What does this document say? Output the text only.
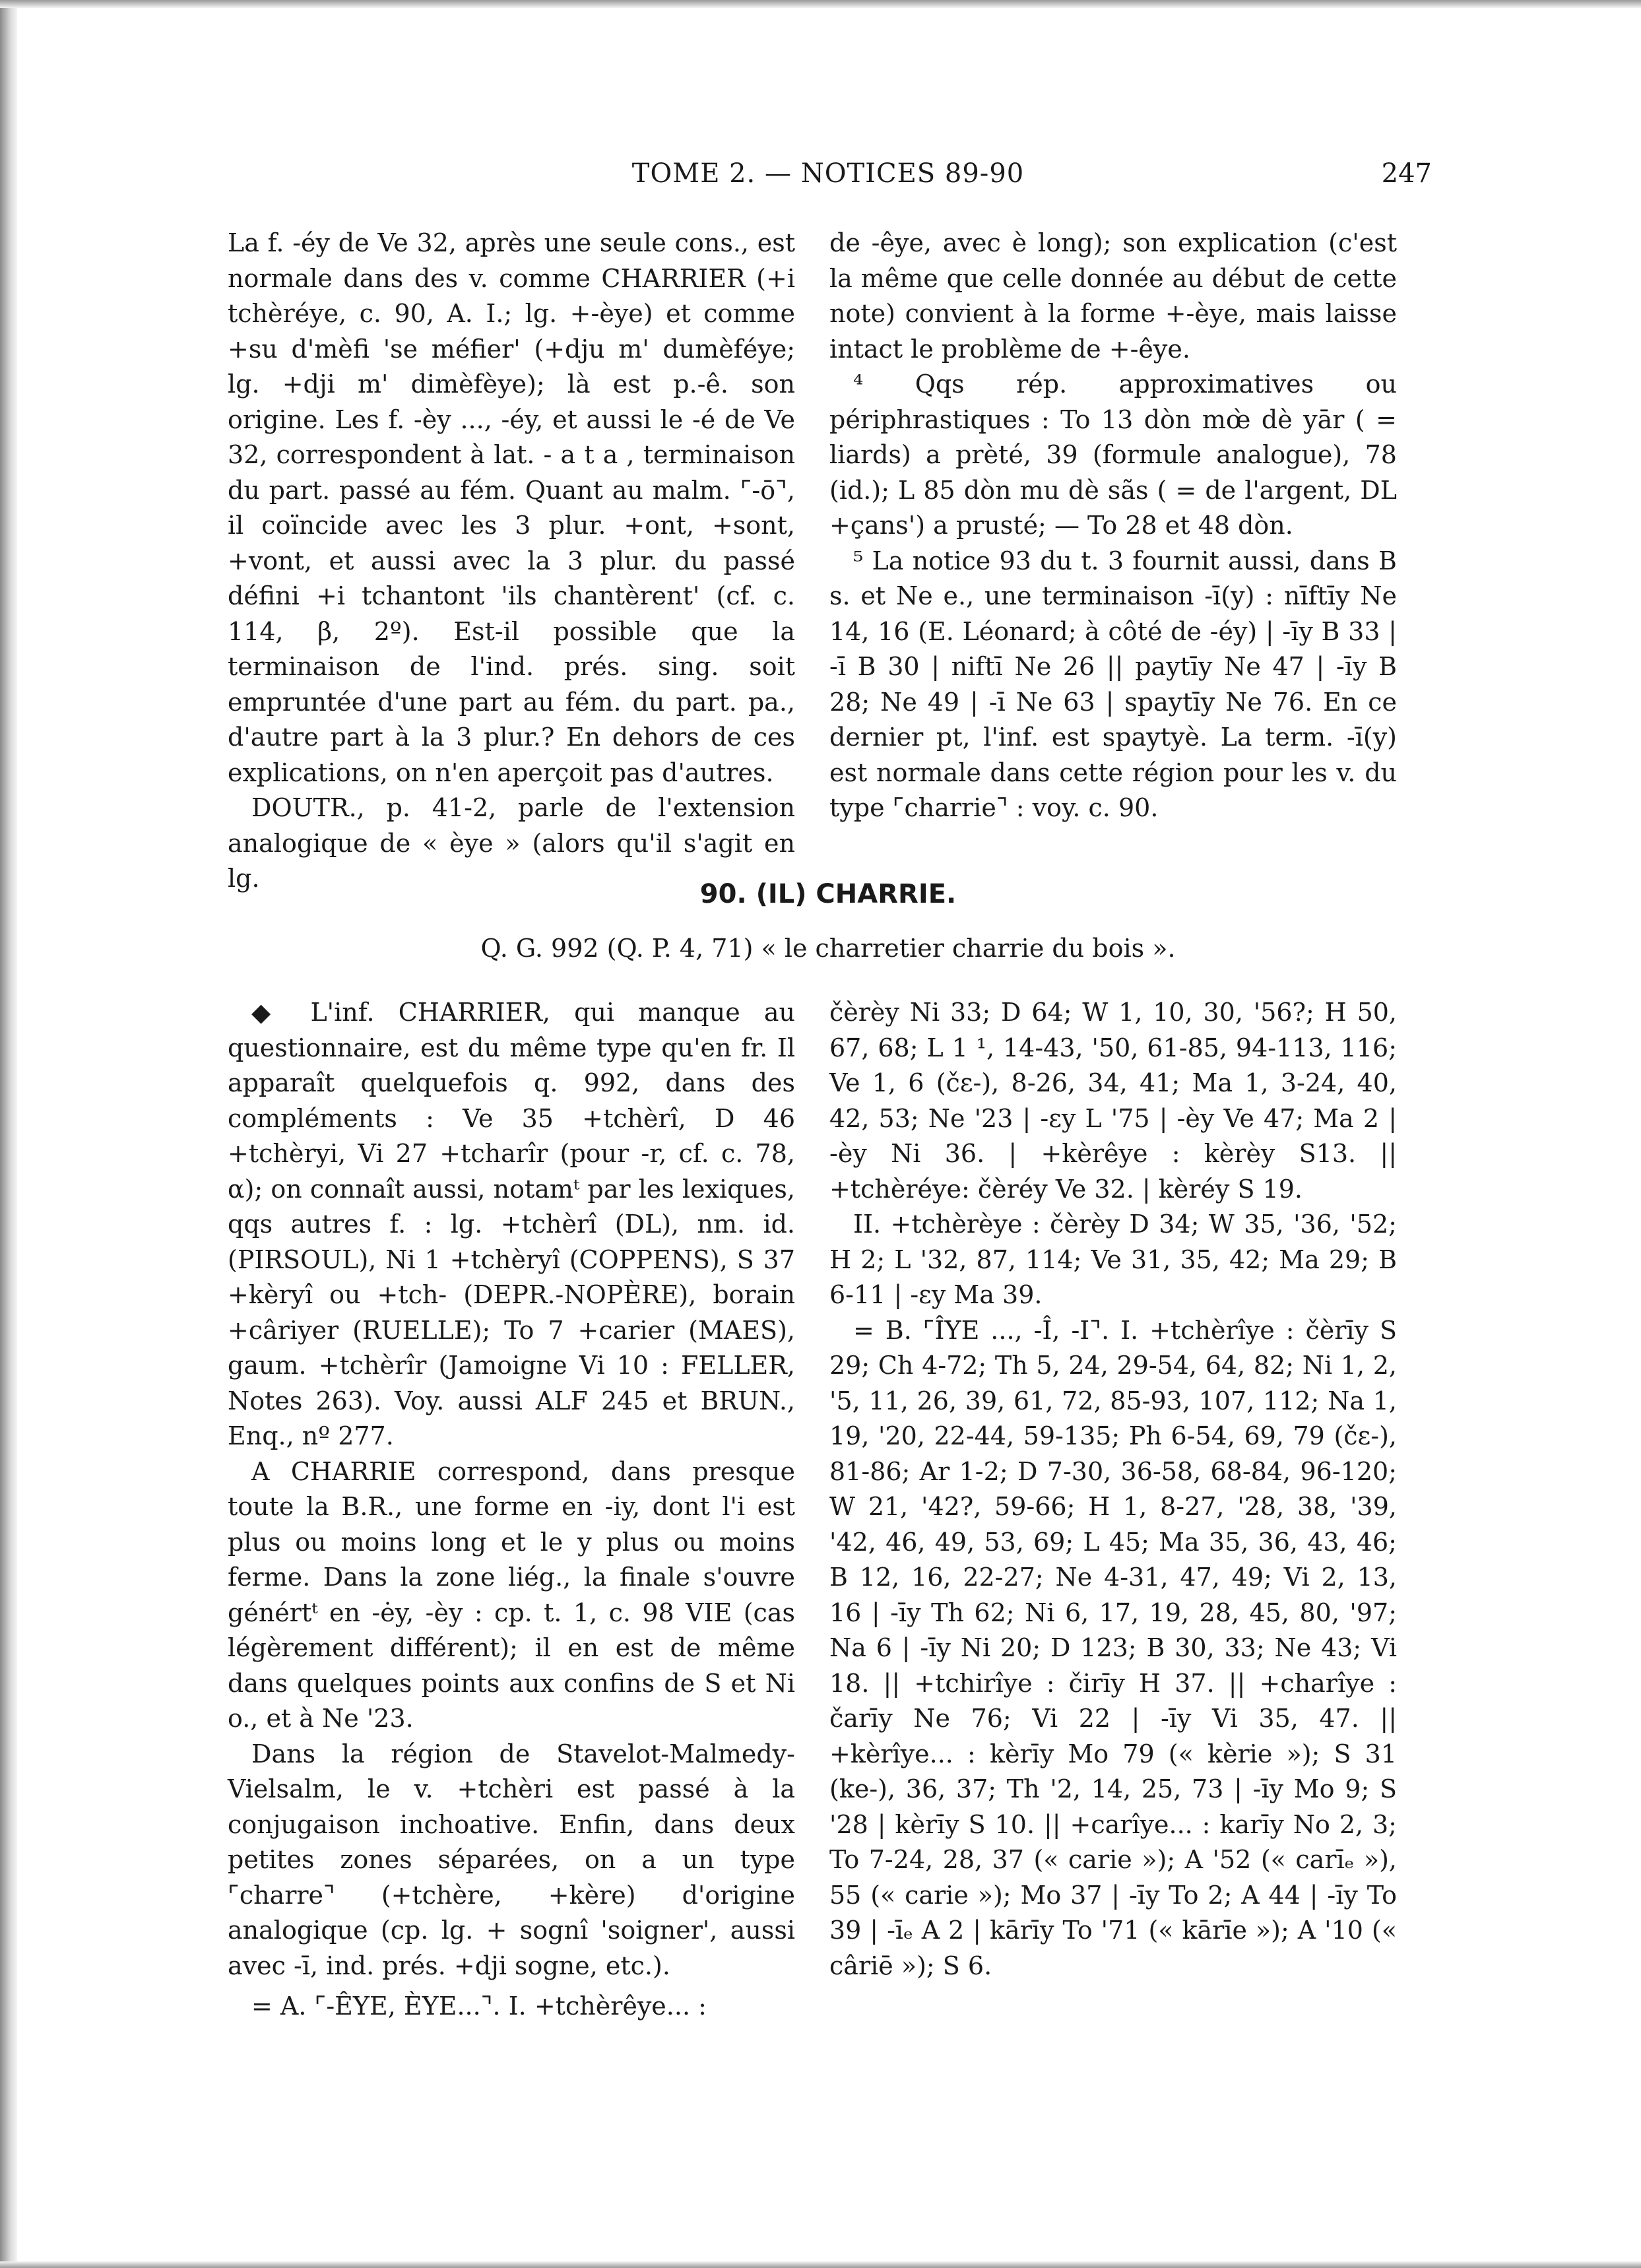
TOME 2. — NOTICES 89-90	247

La f. -éy de Ve 32, après une seule cons., est normale dans des v. comme CHARRIER (+i tchèréye, c. 90, A. I.; lg. +-èye) et comme +su d'mèfi 'se méfier' (+dju m' dumèféye; lg. +dji m' dimèfèye); là est p.-ê. son origine. Les f. -èy ..., -éy, et aussi le -é de Ve 32, correspondent à lat. - a t a , terminaison du part. passé au fém. Quant au malm. ⌜-ō⌝, il coïncide avec les 3 plur. +ont, +sont, +vont, et aussi avec la 3 plur. du passé défini +i tchantont 'ils chantèrent' (cf. c. 114, β, 2º). Est-il possible que la terminaison de l'ind. prés. sing. soit empruntée d'une part au fém. du part. pa., d'autre part à la 3 plur.? En dehors de ces explications, on n'en aperçoit pas d'autres.

DOUTR., p. 41-2, parle de l'extension analogique de « èye » (alors qu'il s'agit en lg.

de -êye, avec è long); son explication (c'est la même que celle donnée au début de cette note) convient à la forme +-èye, mais laisse intact le problème de +-êye.

⁴ Qqs rép. approximatives ou périphrastiques : To 13 dòn mœ̀ dè yār ( = liards) a prèté, 39 (formule analogue), 78 (id.); L 85 dòn mu dè sãs ( = de l'argent, DL +çans') a prusté; — To 28 et 48 dòn.

⁵ La notice 93 du t. 3 fournit aussi, dans B s. et Ne e., une terminaison -ī(y) : nīftīy Ne 14, 16 (E. Léonard; à côté de -éy) | -īy B 33 | -ī B 30 | niftī Ne 26 || paytīy Ne 47 | -īy B 28; Ne 49 | -ī Ne 63 | spaytīy Ne 76. En ce dernier pt, l'inf. est spaytyè. La term. -ī(y) est normale dans cette région pour les v. du type ⌜charrie⌝ : voy. c. 90.

90. (IL) CHARRIE.
Q. G. 992 (Q. P. 4, 71) « le charretier charrie du bois ».

◆ L'inf. CHARRIER, qui manque au questionnaire, est du même type qu'en fr. Il apparaît quelquefois q. 992, dans des compléments : Ve 35 +tchèrî, D 46 +tchèryi, Vi 27 +tcharîr (pour -r, cf. c. 78, α); on connaît aussi, notamᵗ par les lexiques, qqs autres f. : lg. +tchèrî (DL), nm. id. (PIRSOUL), Ni 1 +tchèryî (COPPENS), S 37 +kèryî ou +tch- (DEPR.-NOPÈRE), borain +câriyer (RUELLE); To 7 +carier (MAES), gaum. +tchèrîr (Jamoigne Vi 10 : FELLER, Notes 263). Voy. aussi ALF 245 et BRUN., Enq., nº 277.

A CHARRIE correspond, dans presque toute la B.R., une forme en -iy, dont l'i est plus ou moins long et le y plus ou moins ferme. Dans la zone liég., la finale s'ouvre génértᵗ en -ėy, -èy : cp. t. 1, c. 98 VIE (cas légèrement différent); il en est de même dans quelques points aux confins de S et Ni o., et à Ne '23.

Dans la région de Stavelot-Malmedy-Vielsalm, le v. +tchèri est passé à la conjugaison inchoative. Enfin, dans deux petites zones séparées, on a un type ⌜charre⌝ (+tchère, +kère) d'origine analogique (cp. lg. + sognî 'soigner', aussi avec -ī, ind. prés. +dji sogne, etc.).

= A. ⌜-ÊYE, ÈYE...⌝. I. +tchèrêye... :

čèrèy Ni 33; D 64; W 1, 10, 30, '56?; H 50, 67, 68; L 1 ¹, 14-43, '50, 61-85, 94-113, 116; Ve 1, 6 (čɛ-), 8-26, 34, 41; Ma 1, 3-24, 40, 42, 53; Ne '23 | -ɛy L '75 | -èy Ve 47; Ma 2 | -èy Ni 36. | +kèrêye : kèrèy S13. || +tchèréye: čèréy Ve 32. | kèréy S 19.

II. +tchèrèye : čèrèy D 34; W 35, '36, '52; H 2; L '32, 87, 114; Ve 31, 35, 42; Ma 29; B 6-11 | -ɛy Ma 39.

= B. ⌜ÎYE ..., -Î, -I⌝. I. +tchèrîye : čèrīy S 29; Ch 4-72; Th 5, 24, 29-54, 64, 82; Ni 1, 2, '5, 11, 26, 39, 61, 72, 85-93, 107, 112; Na 1, 19, '20, 22-44, 59-135; Ph 6-54, 69, 79 (čɛ-), 81-86; Ar 1-2; D 7-30, 36-58, 68-84, 96-120; W 21, '42?, 59-66; H 1, 8-27, '28, 38, '39, '42, 46, 49, 53, 69; L 45; Ma 35, 36, 43, 46; B 12, 16, 22-27; Ne 4-31, 47, 49; Vi 2, 13, 16 | -īy Th 62; Ni 6, 17, 19, 28, 45, 80, '97; Na 6 | -īy Ni 20; D 123; B 30, 33; Ne 43; Vi 18. || +tchirîye : čirīy H 37. || +charîye : čarīy Ne 76; Vi 22 | -īy Vi 35, 47. || +kèrîye... : kèrīy Mo 79 (« kèrie »); S 31 (ke-), 36, 37; Th '2, 14, 25, 73 | -īy Mo 9; S '28 | kèrīy S 10. || +carîye... : karīy No 2, 3; To 7-24, 28, 37 (« carie »); A '52 (« carīₑ »), 55 (« carie »); Mo 37 | -īy To 2; A 44 | -īy To 39 | -īₑ A 2 | kārīy To '71 (« kārīe »); A '10 (« câriē »); S 6.
